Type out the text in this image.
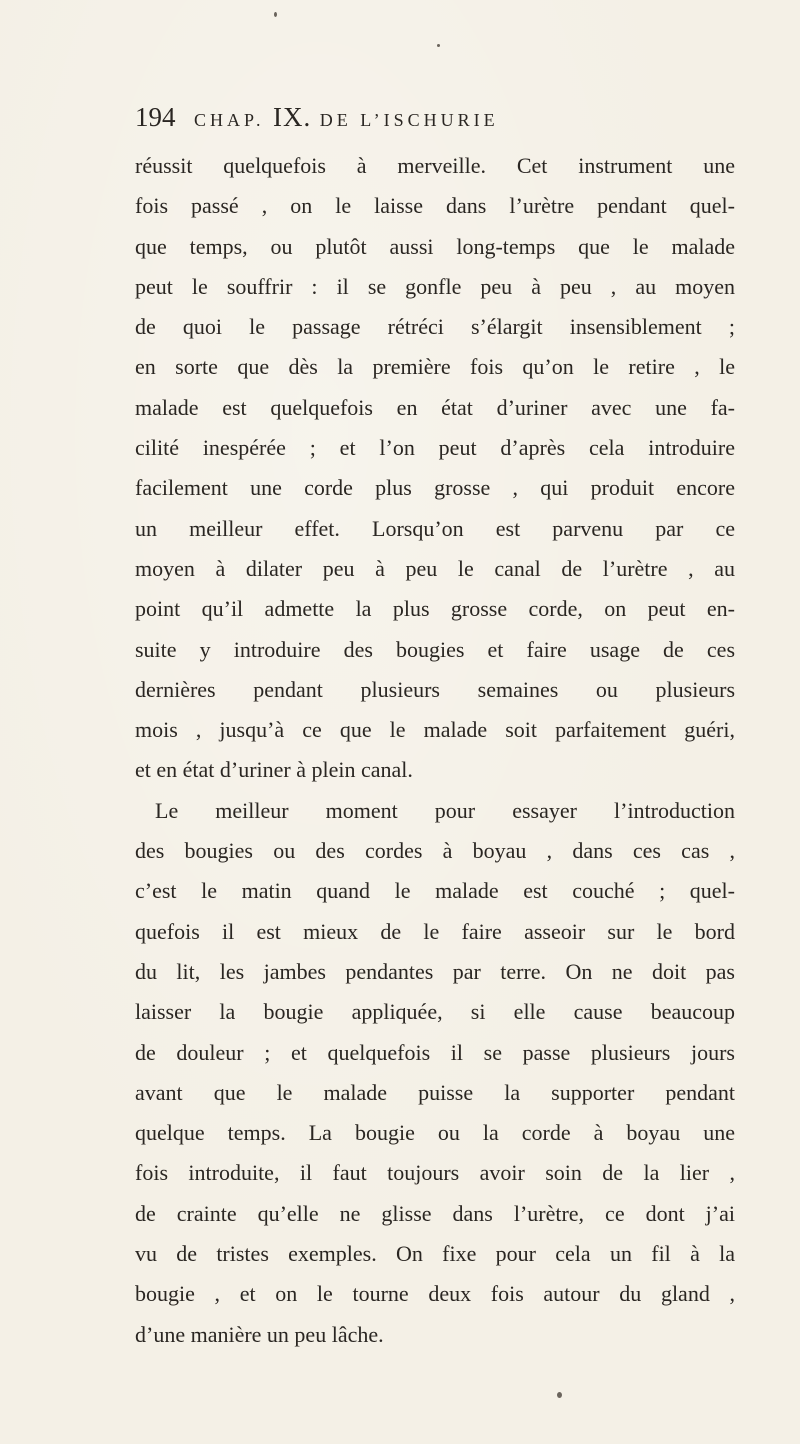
194 CHAP. IX. DE L’ISCHURIE
réussit quelquefois à merveille. Cet instrument une
fois passé , on le laisse dans l’urètre pendant quel-
que temps, ou plutôt aussi long-temps que le malade
peut le souffrir : il se gonfle peu à peu , au moyen
de quoi le passage rétréci s’élargit insensiblement ;
en sorte que dès la première fois qu’on le retire , le
malade est quelquefois en état d’uriner avec une fa-
cilité inespérée ; et l’on peut d’après cela introduire
facilement une corde plus grosse , qui produit encore
un meilleur effet. Lorsqu’on est parvenu par ce
moyen à dilater peu à peu le canal de l’urètre , au
point qu’il admette la plus grosse corde, on peut en-
suite y introduire des bougies et faire usage de ces
dernières pendant plusieurs semaines ou plusieurs
mois , jusqu’à ce que le malade soit parfaitement guéri,
et en état d’uriner à plein canal.
Le meilleur moment pour essayer l’introduction
des bougies ou des cordes à boyau , dans ces cas ,
c’est le matin quand le malade est couché ; quel-
quefois il est mieux de le faire asseoir sur le bord
du lit, les jambes pendantes par terre. On ne doit pas
laisser la bougie appliquée, si elle cause beaucoup
de douleur ; et quelquefois il se passe plusieurs jours
avant que le malade puisse la supporter pendant
quelque temps. La bougie ou la corde à boyau une
fois introduite, il faut toujours avoir soin de la lier ,
de crainte qu’elle ne glisse dans l’urètre, ce dont j’ai
vu de tristes exemples. On fixe pour cela un fil à la
bougie , et on le tourne deux fois autour du gland ,
d’une manière un peu lâche.
